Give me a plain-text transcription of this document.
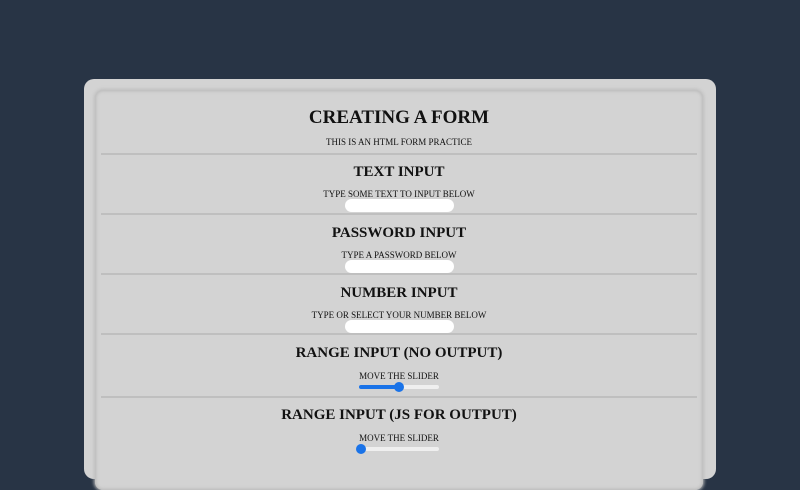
CREATING A FORM

THIS IS AN HTML FORM PRACTICE

TEXT INPUT

TYPE SOME TEXT TO INPUT BELOW

PASSWORD INPUT

TYPE A PASSWORD BELOW

NUMBER INPUT

TYPE OR SELECT YOUR NUMBER BELOW

RANGE INPUT (NO OUTPUT)

MOVE THE SLIDER

RANGE INPUT (JS FOR OUTPUT)

MOVE THE SLIDER
